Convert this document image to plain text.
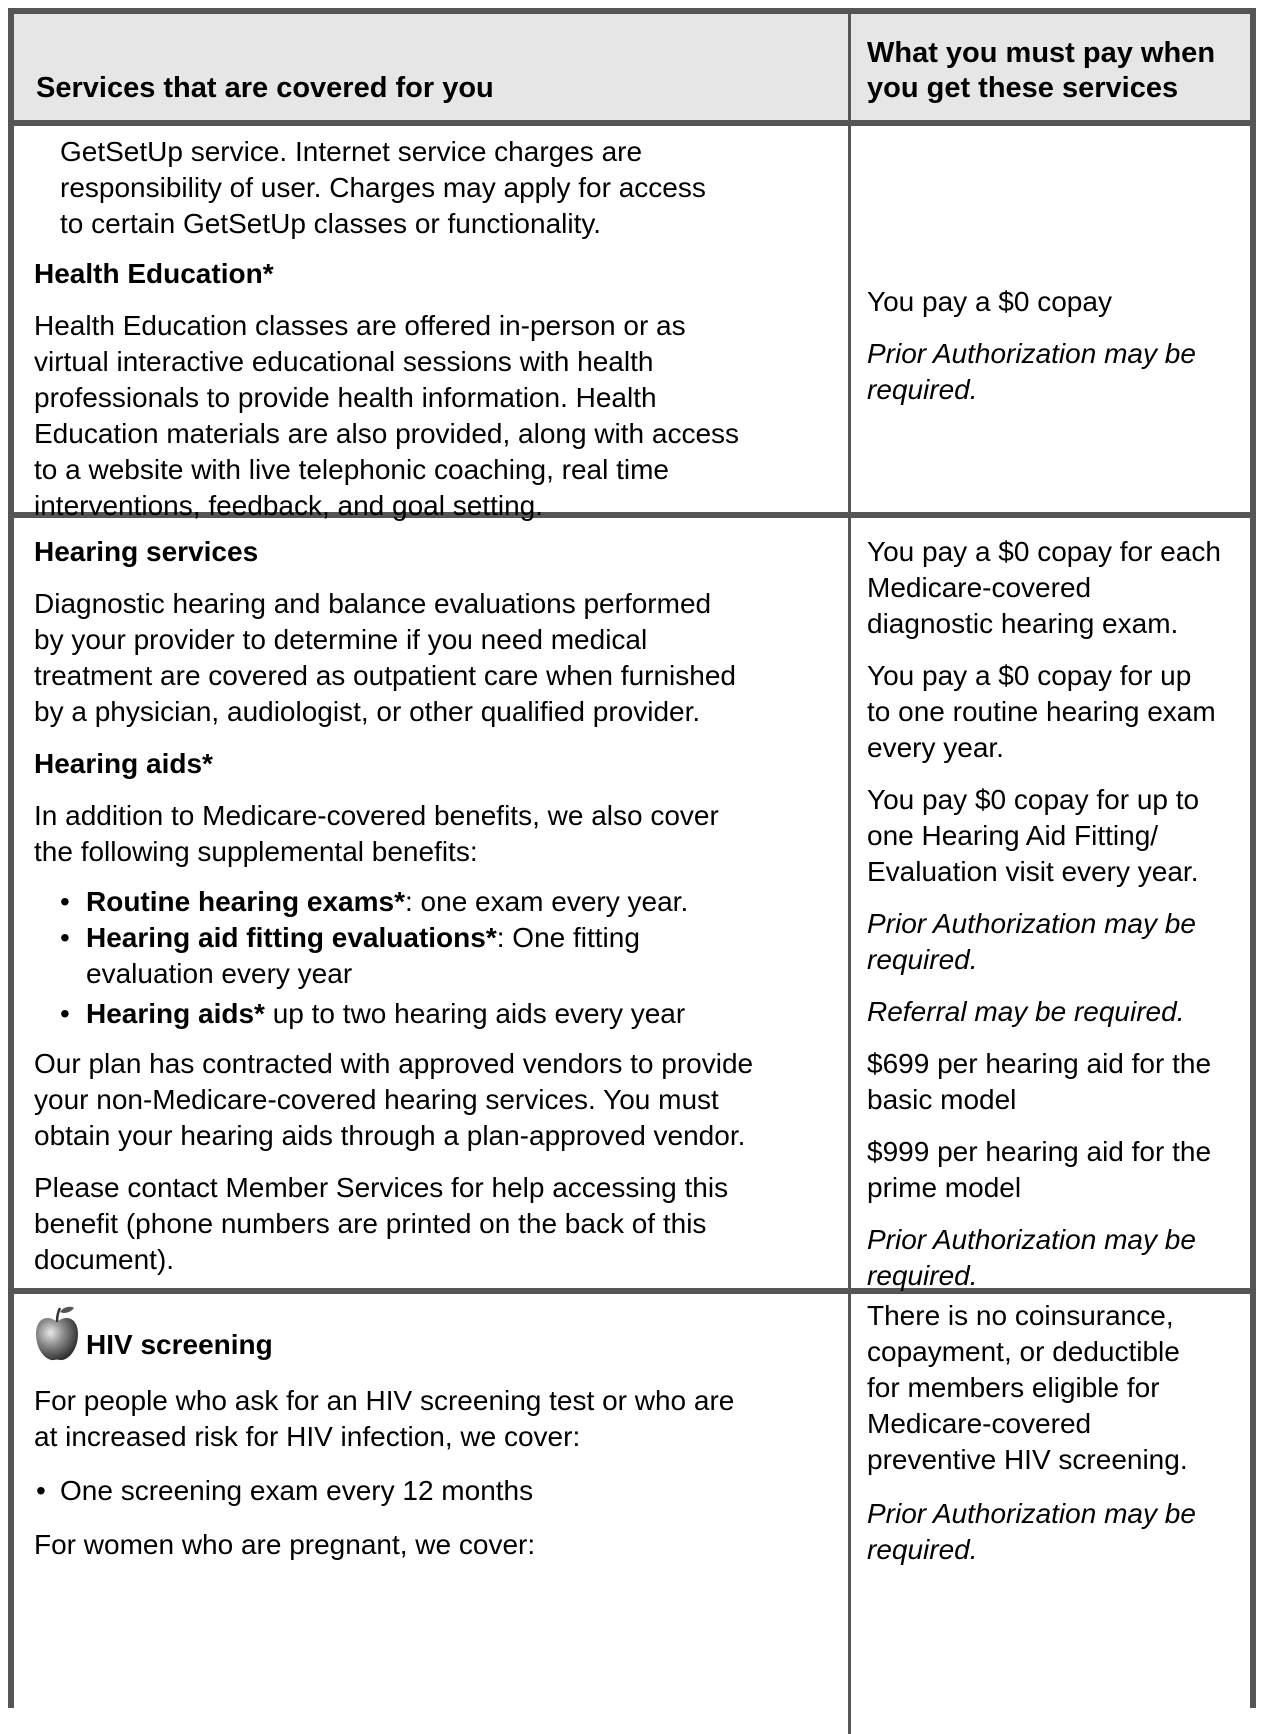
Services that are covered for you
What you must pay when
you get these services

GetSetUp service. Internet service charges are

responsibility of user. Charges may apply for access

to certain GetSetUp classes or functionality.

Health Education*

Health Education classes are offered in-person or as

virtual interactive educational sessions with health

professionals to provide health information. Health

Education materials are also provided, along with access

to a website with live telephonic coaching, real time

interventions, feedback, and goal setting.

You pay a $0 copay

Prior Authorization may be

required.

Hearing services

Diagnostic hearing and balance evaluations performed

by your provider to determine if you need medical

treatment are covered as outpatient care when furnished

by a physician, audiologist, or other qualified provider.

Hearing aids*

In addition to Medicare-covered benefits, we also cover

the following supplemental benefits:

• Routine hearing exams*: one exam every year.
• Hearing aid fitting evaluations*: One fitting
evaluation every year
• Hearing aids* up to two hearing aids every year

Our plan has contracted with approved vendors to provide

your non-Medicare-covered hearing services. You must

obtain your hearing aids through a plan-approved vendor.

Please contact Member Services for help accessing this

benefit (phone numbers are printed on the back of this

document).

You pay a $0 copay for each

Medicare-covered

diagnostic hearing exam.

You pay a $0 copay for up

to one routine hearing exam

every year.

You pay $0 copay for up to

one Hearing Aid Fitting/

Evaluation visit every year.

Prior Authorization may be

required.

Referral may be required.

$699 per hearing aid for the

basic model

$999 per hearing aid for the

prime model

Prior Authorization may be

required.

HIV screening

For people who ask for an HIV screening test or who are

at increased risk for HIV infection, we cover:

• One screening exam every 12 months

For women who are pregnant, we cover:

There is no coinsurance,

copayment, or deductible

for members eligible for

Medicare-covered

preventive HIV screening.

Prior Authorization may be

required.
